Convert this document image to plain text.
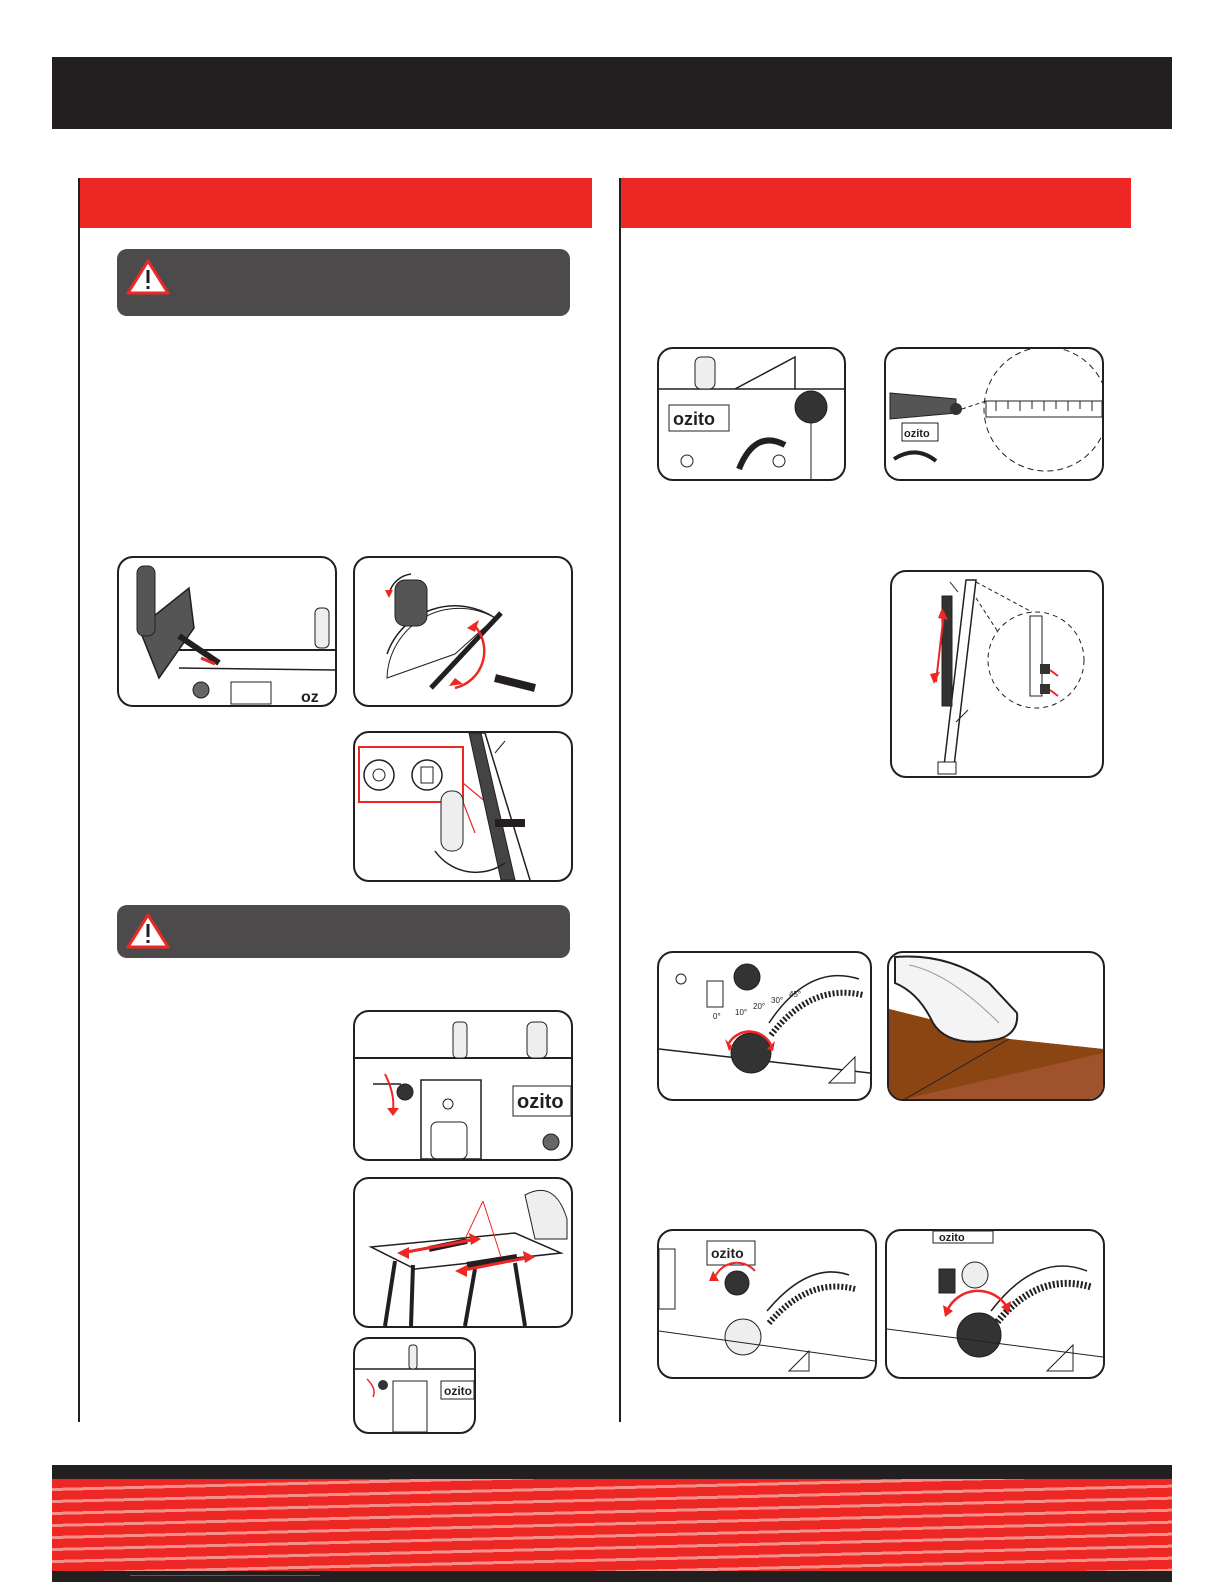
oz
ozito
ozito
ozito
ozito
0° 10°
20°
30°
45°
ozito
ozito
